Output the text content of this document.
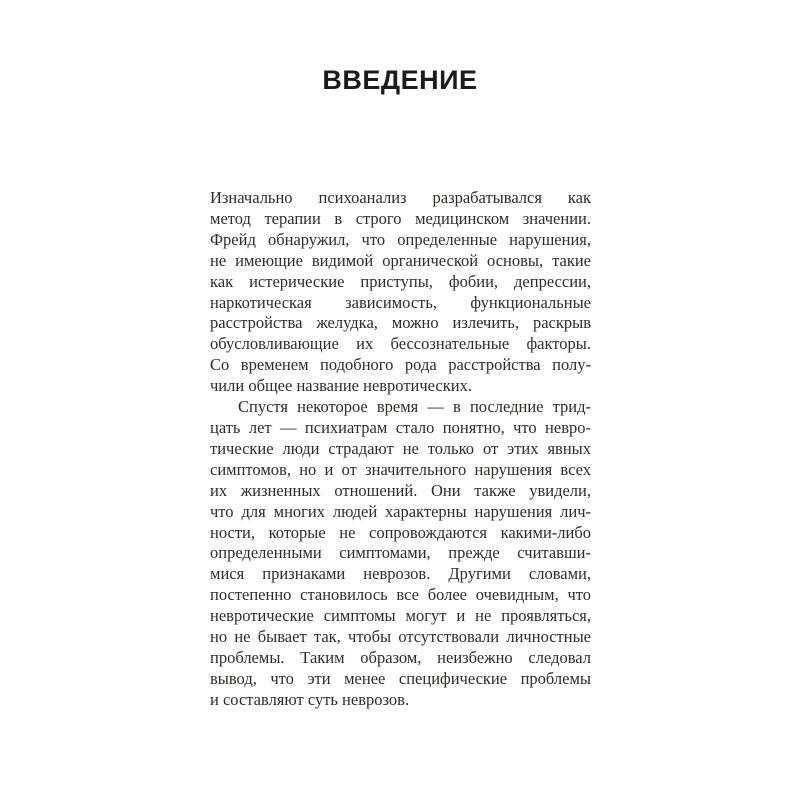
ВВЕДЕНИЕ
Изначально психоанализ разрабатывался как
метод терапии в строго медицинском значении.
Фрейд обнаружил, что определенные нарушения,
не имеющие видимой органической основы, такие
как истерические приступы, фобии, депрессии,
наркотическая зависимость, функциональные
расстройства желудка, можно излечить, раскрыв
обусловливающие их бессознательные факторы.
Со временем подобного рода расстройства полу-
чили общее название невротических.
Спустя некоторое время — в последние трид-
цать лет — психиатрам стало понятно, что невро-
тические люди страдают не только от этих явных
симптомов, но и от значительного нарушения всех
их жизненных отношений. Они также увидели,
что для многих людей характерны нарушения лич-
ности, которые не сопровождаются какими-либо
определенными симптомами, прежде считавши-
мися признаками неврозов. Другими словами,
постепенно становилось все более очевидным, что
невротические симптомы могут и не проявляться,
но не бывает так, чтобы отсутствовали личностные
проблемы. Таким образом, неизбежно следовал
вывод, что эти менее специфические проблемы
и составляют суть неврозов.
